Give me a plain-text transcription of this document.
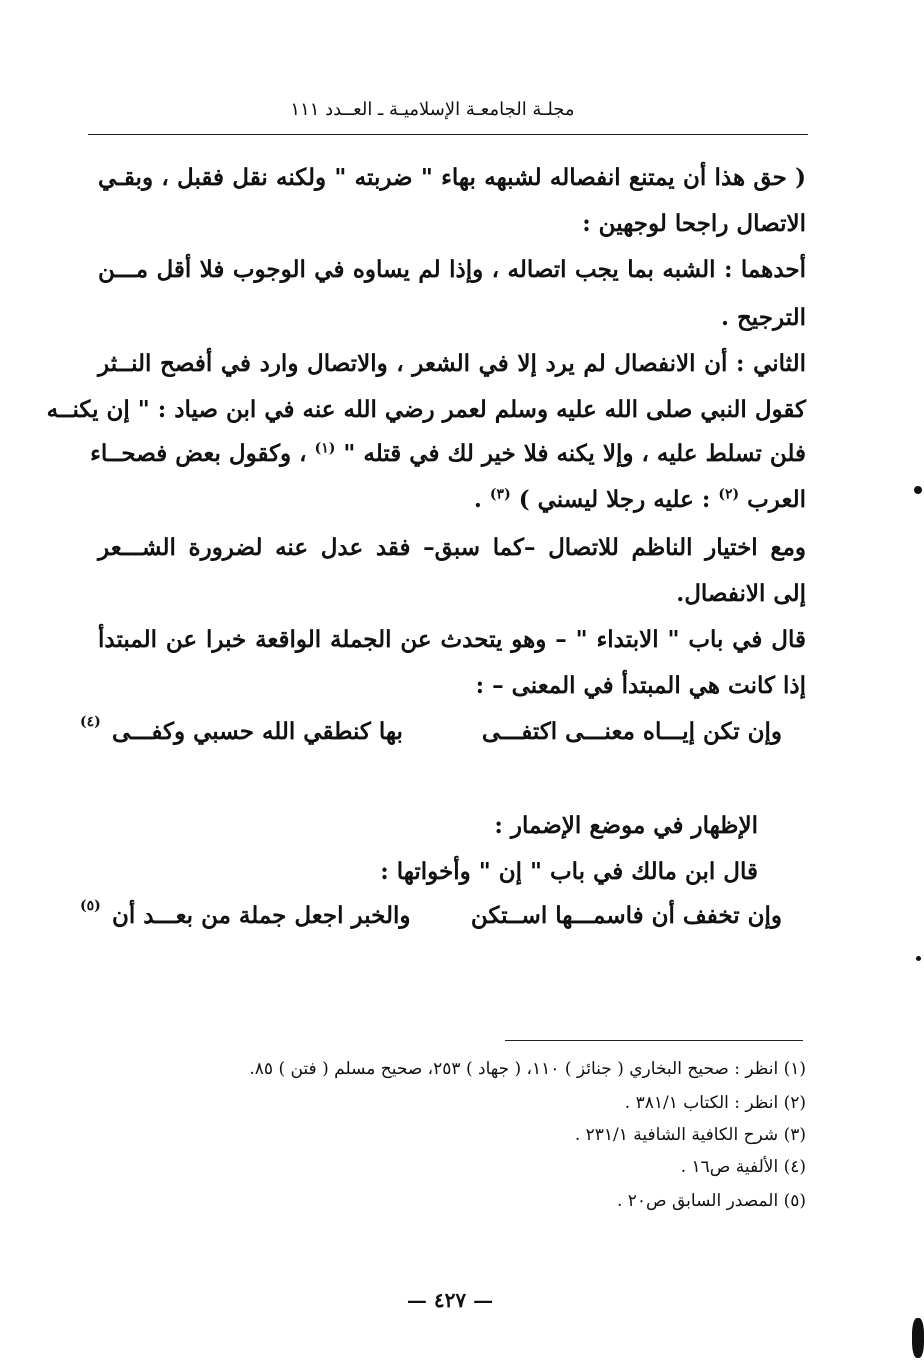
مجلـة الجامعـة الإسلاميـة ـ العــدد ١١١
( حق هذا أن يمتنع انفصاله لشبهه بهاء " ضربته " ولكنه نقل فقبل ، وبقـي
الاتصال راجحا لوجهين :
أحدهما : الشبه بما يجب اتصاله ، وإذا لم يساوه في الوجوب فلا أقل مـــن
الترجيح .
الثاني : أن الانفصال لم يرد إلا في الشعر ، والاتصال وارد في أفصح النــثر
كقول النبي صلى الله عليه وسلم لعمر رضي الله عنه في ابن صياد : " إن يكنــه
فلن تسلط عليه ، وإلا يكنه فلا خير لك في قتله " $^{(١)}$ ، وكقول بعض فصحــاء
العرب $^{(٢)}$ : عليه رجلا ليسني ) $^{(٣)}$ .
ومع اختيار الناظم للاتصال –كما سبق– فقد عدل عنه لضرورة الشـــعر
إلى الانفصال.
قال في باب " الابتداء " – وهو يتحدث عن الجملة الواقعة خبرا عن المبتدأ
إذا كانت هي المبتدأ في المعنى – :
وإن تكن إيـــاه معنـــى اكتفـــى
بها كنطقي الله حسبي وكفـــى
(٤)
الإظهار في موضع الإضمار :
قال ابن مالك في باب " إن " وأخواتها :
وإن تخفف أن فاسمـــها اســتكن
والخبر اجعل جملة من بعـــد أن
(٥)
(١) انظر : صحيح البخاري ( جنائز ) ١١٠، ( جهاد ) ٢٥٣، صحيح مسلم ( فتن ) ٨٥.
(٢) انظر : الكتاب ٣٨١/١ .
(٣) شرح الكافية الشافية ٢٣١/١ .
(٤) الألفية ص١٦ .
(٥) المصدر السابق ص٢٠ .
— ٤٢٧ —
